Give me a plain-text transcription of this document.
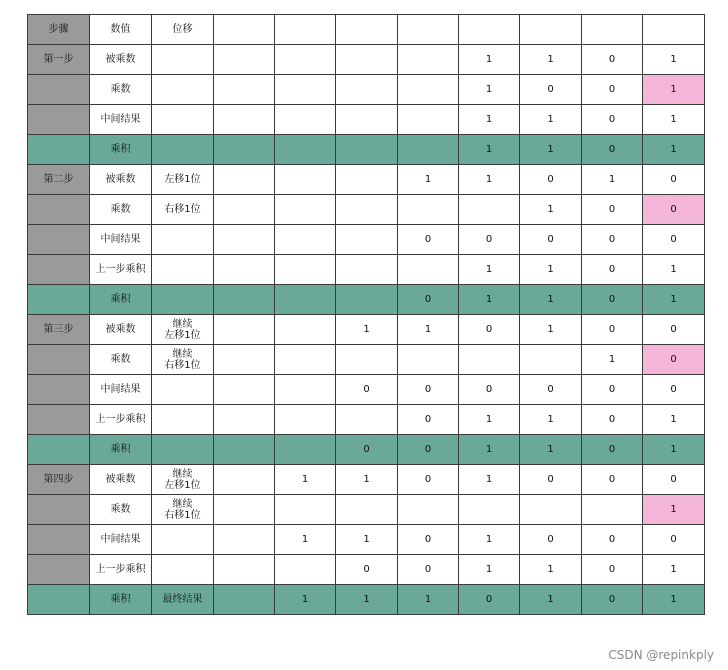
步骤	数值	位移								
第一步	被乘数						1	1	0	1
	乘数						1	0	0	1
	中间结果						1	1	0	1
	乘积						1	1	0	1
第二步	被乘数	左移1位				1	1	0	1	0
	乘数	右移1位						1	0	0
	中间结果					0	0	0	0	0
	上一步乘积						1	1	0	1
	乘积					0	1	1	0	1
第三步	被乘数	继续
左移1位			1	1	0	1	0	0
	乘数	继续
右移1位							1	0
	中间结果				0	0	0	0	0	0
	上一步乘积					0	1	1	0	1
	乘积				0	0	1	1	0	1
第四步	被乘数	继续
左移1位		1	1	0	1	0	0	0
	乘数	继续
右移1位								1
	中间结果			1	1	0	1	0	0	0
	上一步乘积				0	0	1	1	0	1
	乘积	最终结果		1	1	1	0	1	0	1
CSDN @repinkply
